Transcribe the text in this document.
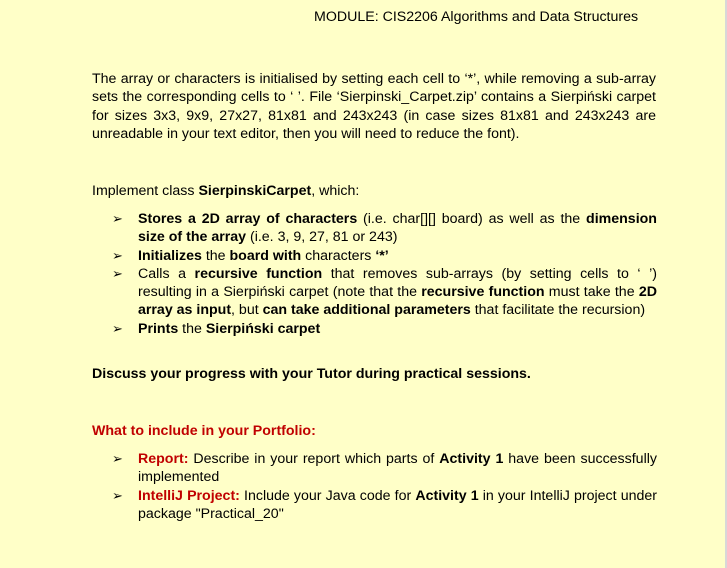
MODULE: CIS2206 Algorithms and Data Structures

The array or characters is initialised by setting each cell to ‘*’, while removing a sub-array sets the corresponding cells to ‘ ’. File ‘Sierpinski_Carpet.zip’ contains a Sierpiński carpet for sizes 3x3, 9x9, 27x27, 81x81 and 243x243 (in case sizes 81x81 and 243x243 are unreadable in your text editor, then you will need to reduce the font).

Implement class SierpinskiCarpet, which:

➢ Stores a 2D array of characters (i.e. char[][] board) as well as the dimension size of the array (i.e. 3, 9, 27, 81 or 243)
➢ Initializes the board with characters ‘*’
➢ Calls a recursive function that removes sub-arrays (by setting cells to ‘ ’) resulting in a Sierpiński carpet (note that the recursive function must take the 2D array as input, but can take additional parameters that facilitate the recursion)
➢ Prints the Sierpiński carpet

Discuss your progress with your Tutor during practical sessions.

What to include in your Portfolio:

➢ Report: Describe in your report which parts of Activity 1 have been successfully implemented
➢ IntelliJ Project: Include your Java code for Activity 1 in your IntelliJ project under package "Practical_20"
